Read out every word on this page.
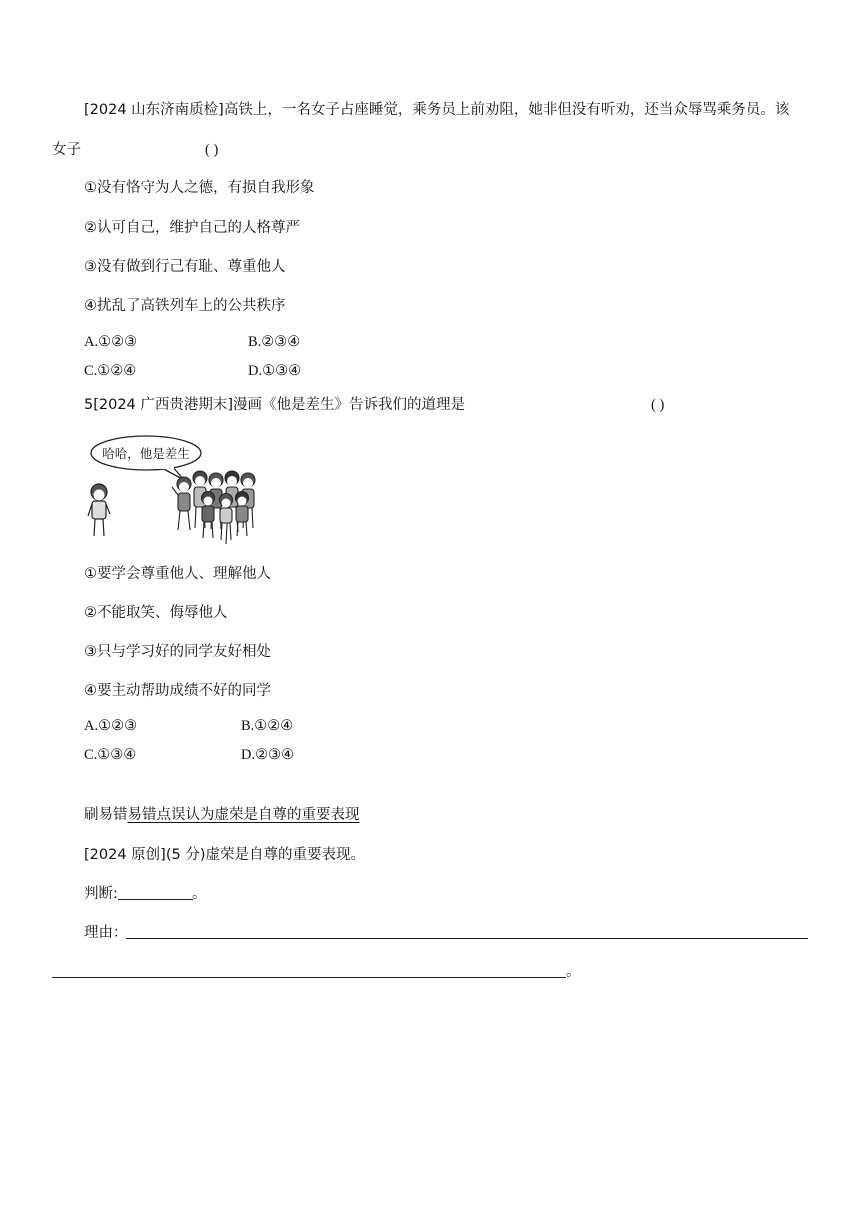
[2024 山东济南质检]高铁上，一名女子占座睡觉，乘务员上前劝阻，她非但没有听劝，还当众辱骂乘务员。该
女子	( )
①没有恪守为人之德，有损自我形象
②认可自己，维护自己的人格尊严
③没有做到行己有耻、尊重他人
④扰乱了高铁列车上的公共秩序
A.①②③	B.②③④
C.①②④	D.①③④
5[2024 广西贵港期末]漫画《他是差生》告诉我们的道理是	( )
哈哈，他是差生
①要学会尊重他人、理解他人
②不能取笑、侮辱他人
③只与学习好的同学友好相处
④要主动帮助成绩不好的同学
A.①②③	B.①②④
C.①③④	D.②③④
刷易错易错点误认为虚荣是自尊的重要表现
[2024 原创](5 分)虚荣是自尊的重要表现。
判断:	。
理由：
。
